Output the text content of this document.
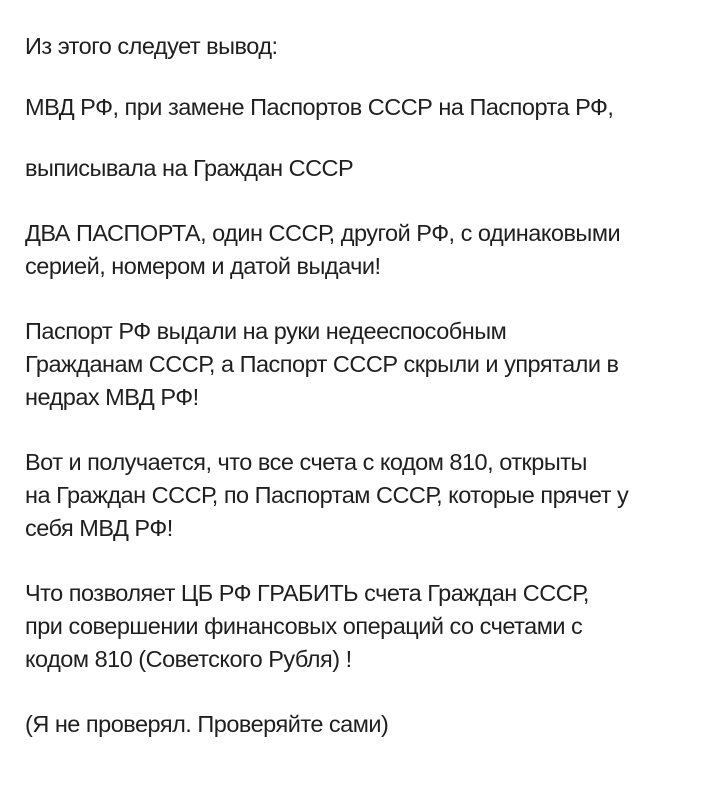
Из этого следует вывод:

МВД РФ, при замене Паспортов СССР на Паспорта РФ,

выписывала на Граждан СССР

ДВА ПАСПОРТА, один СССР, другой РФ, с одинаковыми
серией, номером и датой выдачи!

Паспорт РФ выдали на руки недееспособным
Гражданам СССР, а Паспорт СССР скрыли и упрятали в
недрах МВД РФ!

Вот и получается, что все счета с кодом 810, открыты
на Граждан СССР, по Паспортам СССР, которые прячет у
себя МВД РФ!

Что позволяет ЦБ РФ ГРАБИТЬ счета Граждан СССР,
при совершении финансовых операций со счетами с
кодом 810 (Советского Рубля) !

(Я не проверял. Проверяйте сами)
